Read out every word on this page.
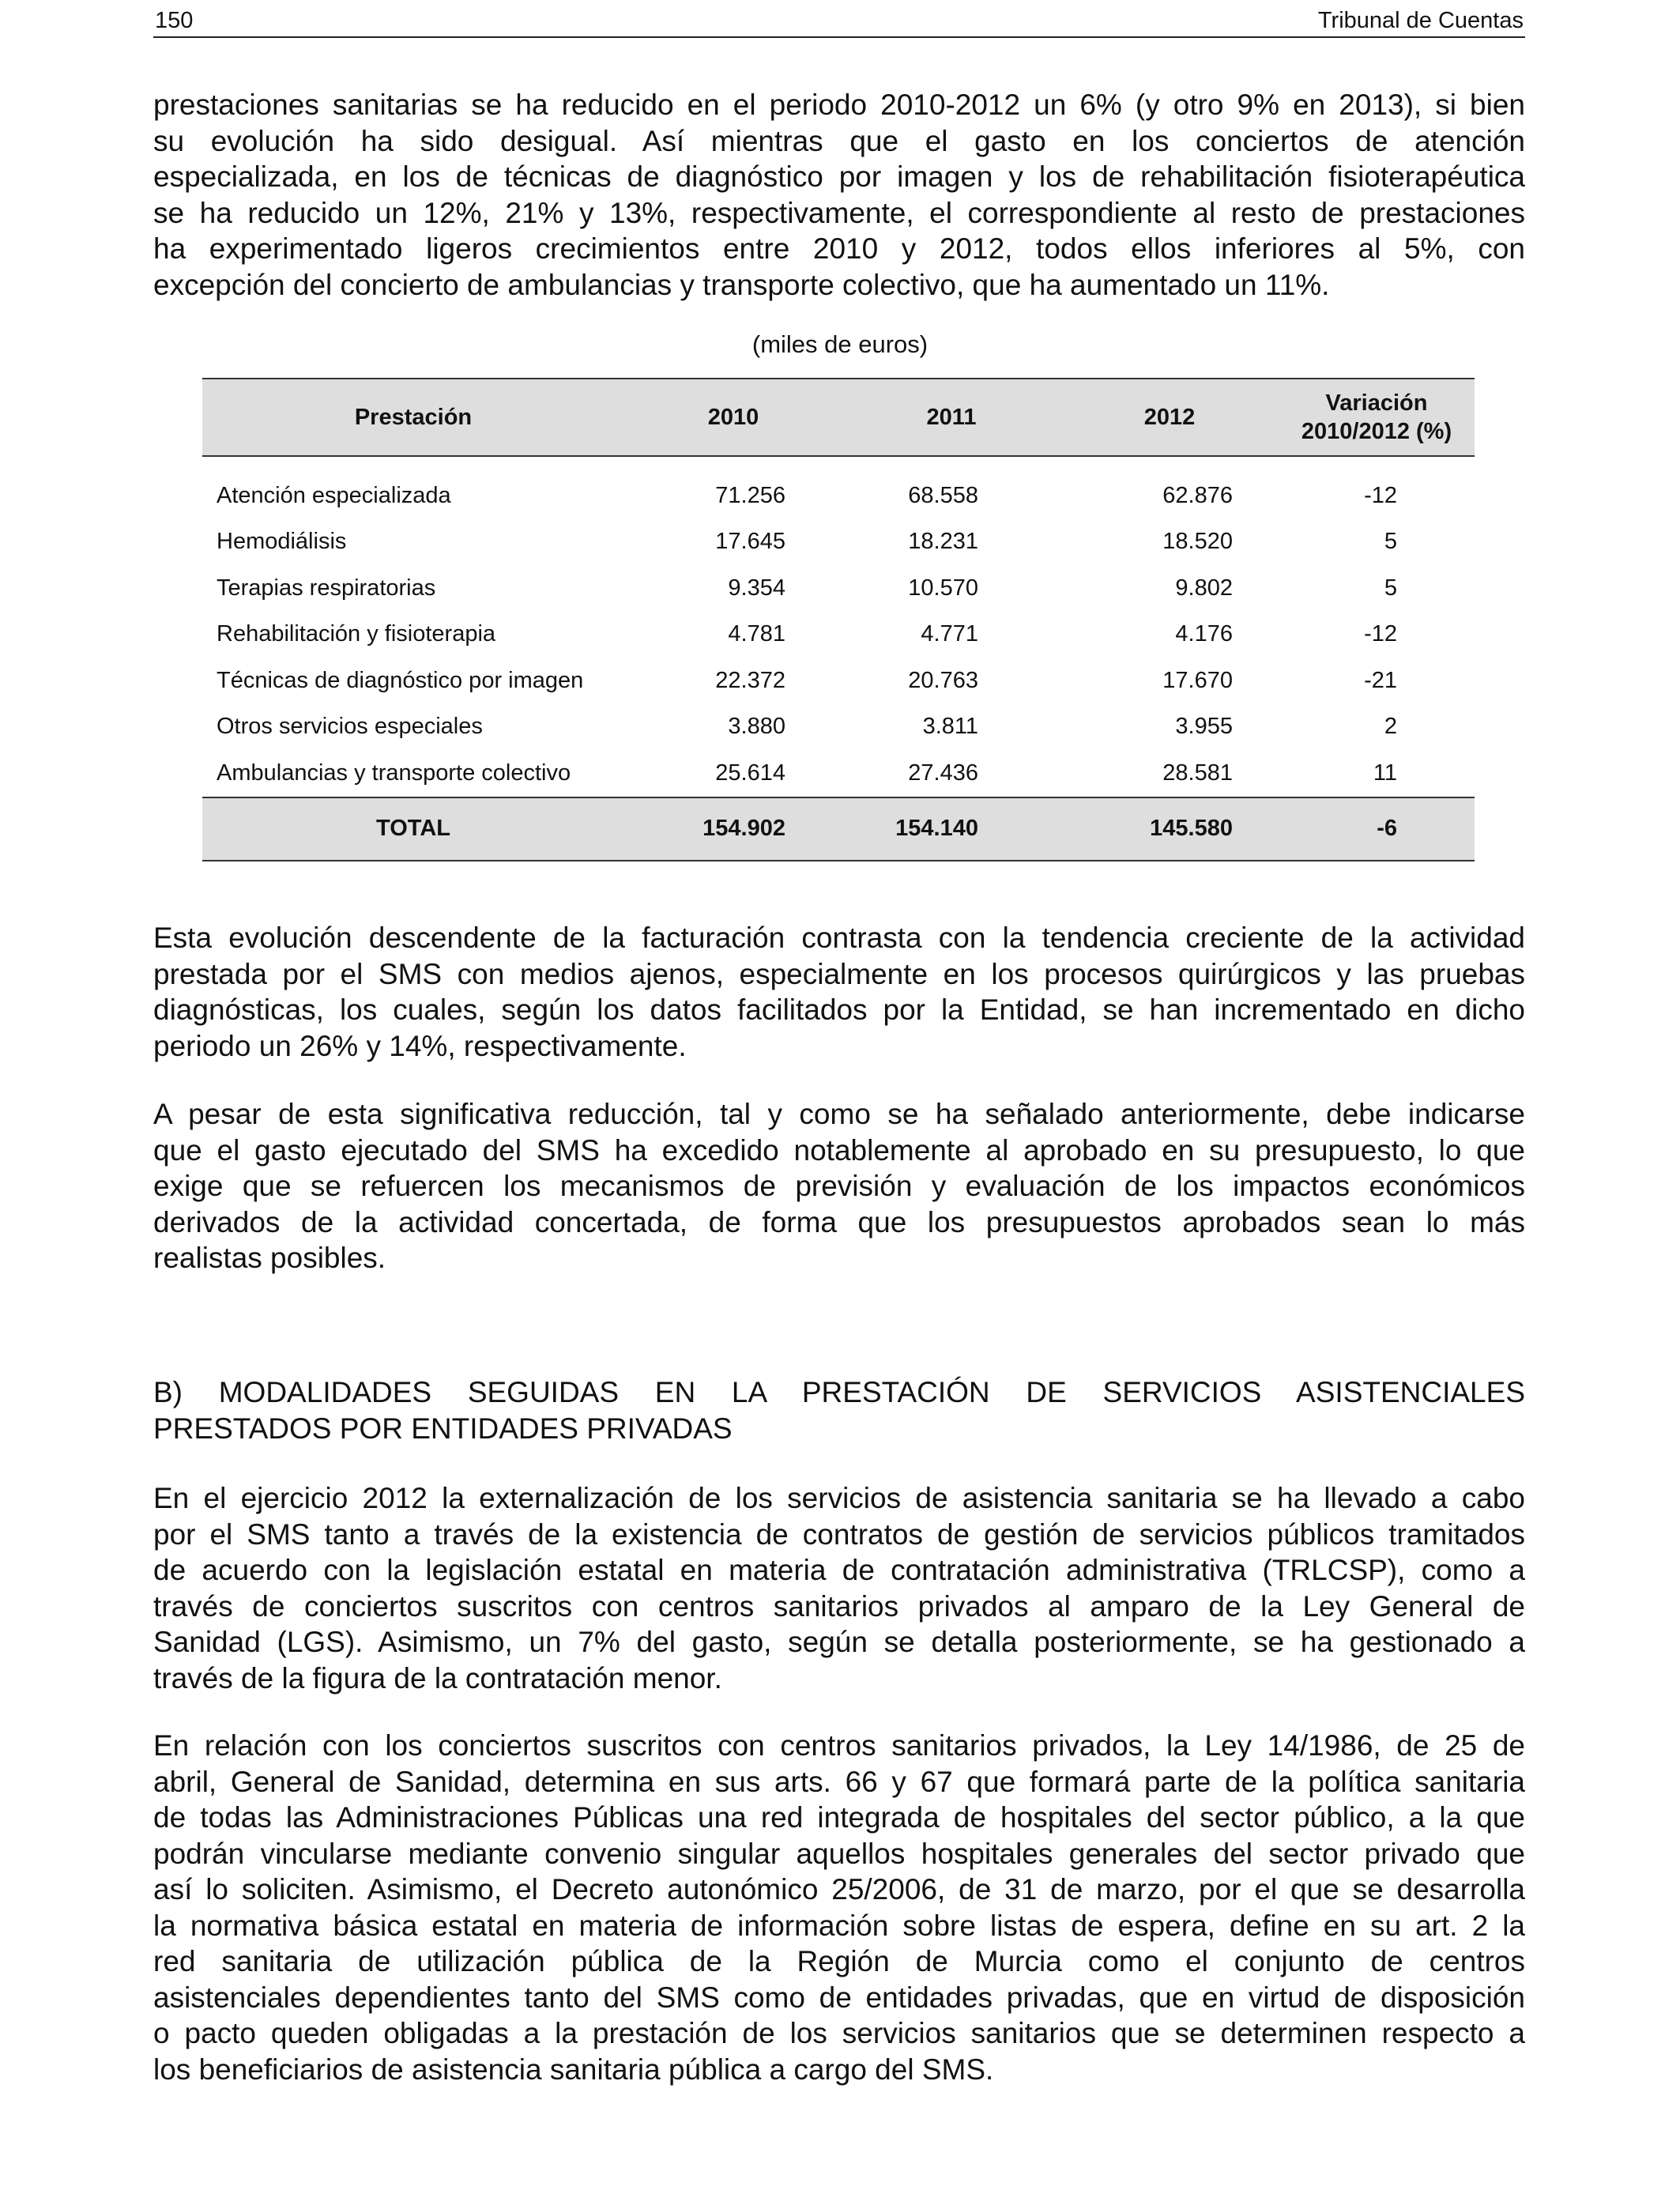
150	Tribunal de Cuentas

prestaciones sanitarias se ha reducido en el periodo 2010-2012 un 6% (y otro 9% en 2013), si bien
su evolución ha sido desigual. Así mientras que el gasto en los conciertos de atención
especializada, en los de técnicas de diagnóstico por imagen y los de rehabilitación fisioterapéutica
se ha reducido un 12%, 21% y 13%, respectivamente, el correspondiente al resto de prestaciones
ha experimentado ligeros crecimientos entre 2010 y 2012, todos ellos inferiores al 5%, con
excepción del concierto de ambulancias y transporte colectivo, que ha aumentado un 11%.

(miles de euros)
Prestación	2010	2011	2012	Variación
2010/2012 (%)

Atención especializada	71.256	68.558	62.876	-12
Hemodiálisis	17.645	18.231	18.520	5
Terapias respiratorias	9.354	10.570	9.802	5
Rehabilitación y fisioterapia	4.781	4.771	4.176	-12
Técnicas de diagnóstico por imagen	22.372	20.763	17.670	-21
Otros servicios especiales	3.880	3.811	3.955	2
Ambulancias y transporte colectivo	25.614	27.436	28.581	11
TOTAL	154.902	154.140	145.580	-6

Esta evolución descendente de la facturación contrasta con la tendencia creciente de la actividad
prestada por el SMS con medios ajenos, especialmente en los procesos quirúrgicos y las pruebas
diagnósticas, los cuales, según los datos facilitados por la Entidad, se han incrementado en dicho
periodo un 26% y 14%, respectivamente.

A pesar de esta significativa reducción, tal y como se ha señalado anteriormente, debe indicarse
que el gasto ejecutado del SMS ha excedido notablemente al aprobado en su presupuesto, lo que
exige que se refuercen los mecanismos de previsión y evaluación de los impactos económicos
derivados de la actividad concertada, de forma que los presupuestos aprobados sean lo más
realistas posibles.

B) MODALIDADES SEGUIDAS EN LA PRESTACIÓN DE SERVICIOS ASISTENCIALES
PRESTADOS POR ENTIDADES PRIVADAS

En el ejercicio 2012 la externalización de los servicios de asistencia sanitaria se ha llevado a cabo
por el SMS tanto a través de la existencia de contratos de gestión de servicios públicos tramitados
de acuerdo con la legislación estatal en materia de contratación administrativa (TRLCSP), como a
través de conciertos suscritos con centros sanitarios privados al amparo de la Ley General de
Sanidad (LGS). Asimismo, un 7% del gasto, según se detalla posteriormente, se ha gestionado a
través de la figura de la contratación menor.

En relación con los conciertos suscritos con centros sanitarios privados, la Ley 14/1986, de 25 de
abril, General de Sanidad, determina en sus arts. 66 y 67 que formará parte de la política sanitaria
de todas las Administraciones Públicas una red integrada de hospitales del sector público, a la que
podrán vincularse mediante convenio singular aquellos hospitales generales del sector privado que
así lo soliciten. Asimismo, el Decreto autonómico 25/2006, de 31 de marzo, por el que se desarrolla
la normativa básica estatal en materia de información sobre listas de espera, define en su art. 2 la
red sanitaria de utilización pública de la Región de Murcia como el conjunto de centros
asistenciales dependientes tanto del SMS como de entidades privadas, que en virtud de disposición
o pacto queden obligadas a la prestación de los servicios sanitarios que se determinen respecto a
los beneficiarios de asistencia sanitaria pública a cargo del SMS.
